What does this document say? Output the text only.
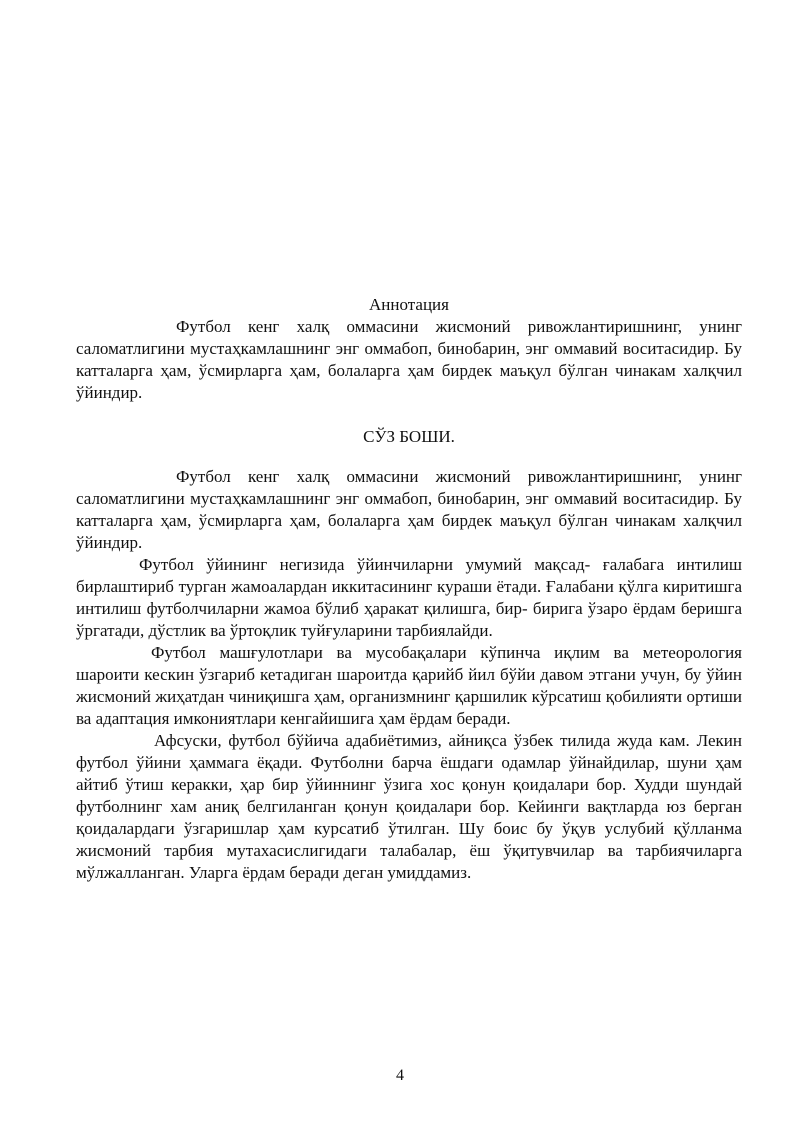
Аннотация

Футбол кенг халқ оммасини жисмоний ривожлантиришнинг, унинг саломатлигини мустаҳкамлашнинг энг оммабоп, бинобарин, энг оммавий воситасидир. Бу катталарга ҳам, ўсмирларга ҳам, болаларга ҳам бирдек маъқул бўлган чинакам халқчил ўйиндир.

СЎЗ БОШИ.

Футбол кенг халқ оммасини жисмоний ривожлантиришнинг, унинг саломатлигини мустаҳкамлашнинг энг оммабоп, бинобарин, энг оммавий воситасидир. Бу катталарга ҳам, ўсмирларга ҳам, болаларга ҳам бирдек маъқул бўлган чинакам халқчил ўйиндир.

Футбол ўйининг негизида ўйинчиларни умумий мақсад- ғалабага интилиш бирлаштириб турган жамоалардан иккитасининг кураши ётади. Ғалабани қўлга киритишга интилиш футболчиларни жамоа бўлиб ҳаракат қилишга, бир- бирига ўзаро ёрдам беришга ўргатади, дўстлик ва ўртоқлик туйғуларини тарбиялайди.

Футбол машғулотлари ва мусобақалари кўпинча иқлим ва метеорология шароити кескин ўзгариб кетадиган шароитда қарийб йил бўйи давом этгани учун, бу ўйин жисмоний жиҳатдан чиниқишга ҳам, организмнинг қаршилик кўрсатиш қобилияти ортиши ва адаптация имкониятлари кенгайишига ҳам ёрдам беради.

Афсуски, футбол бўйича адабиётимиз, айниқса ўзбек тилида жуда кам. Лекин футбол ўйини ҳаммага ёқади. Футболни барча ёшдаги одамлар ўйнайдилар, шуни ҳам айтиб ўтиш керакки, ҳар бир ўйиннинг ўзига хос қонун қоидалари бор. Худди шундай футболнинг хам аниқ белгиланган қонун қоидалари бор. Кейинги вақтларда юз берган қоидалардаги ўзгаришлар ҳам курсатиб ўтилган. Шу боис бу ўқув услубий қўлланма жисмоний тарбия мутахасислигидаги талабалар, ёш ўқитувчилар ва тарбиячиларга мўлжалланган. Уларга ёрдам беради деган умиддамиз.

4
